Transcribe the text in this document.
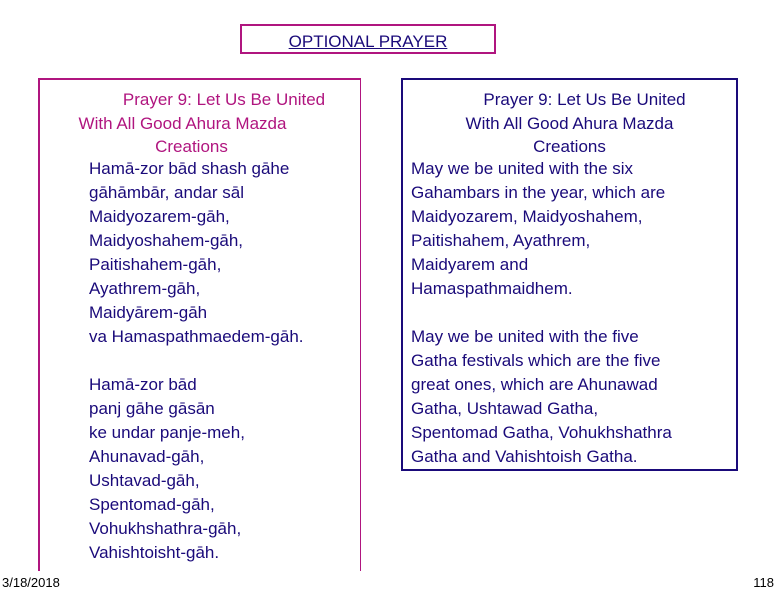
OPTIONAL PRAYER
Prayer 9: Let Us Be United
With All Good Ahura Mazda
Creations
Hamā-zor bād shash gāhe
gāhāmbār, andar sāl
Maidyozarem-gāh,
Maidyoshahem-gāh,
Paitishahem-gāh,
Ayathrem-gāh,
Maidyārem-gāh
va Hamaspathmaedem-gāh.
Hamā-zor bād
panj gāhe gāsān
ke undar panje-meh,
Ahunavad-gāh,
Ushtavad-gāh,
Spentomad-gāh,
Vohukhshathra-gāh,
Vahishtoisht-gāh.
Prayer 9: Let Us Be United
With All Good Ahura Mazda
Creations
May we be united with the six
Gahambars in the year, which are
Maidyozarem, Maidyoshahem,
Paitishahem, Ayathrem,
Maidyarem and
Hamaspathmaidhem.
May we be united with the five
Gatha festivals which are the five
great ones, which are Ahunawad
Gatha, Ushtawad Gatha,
Spentomad Gatha, Vohukhshathra
Gatha and Vahishtoish Gatha.
3/18/2018	118
